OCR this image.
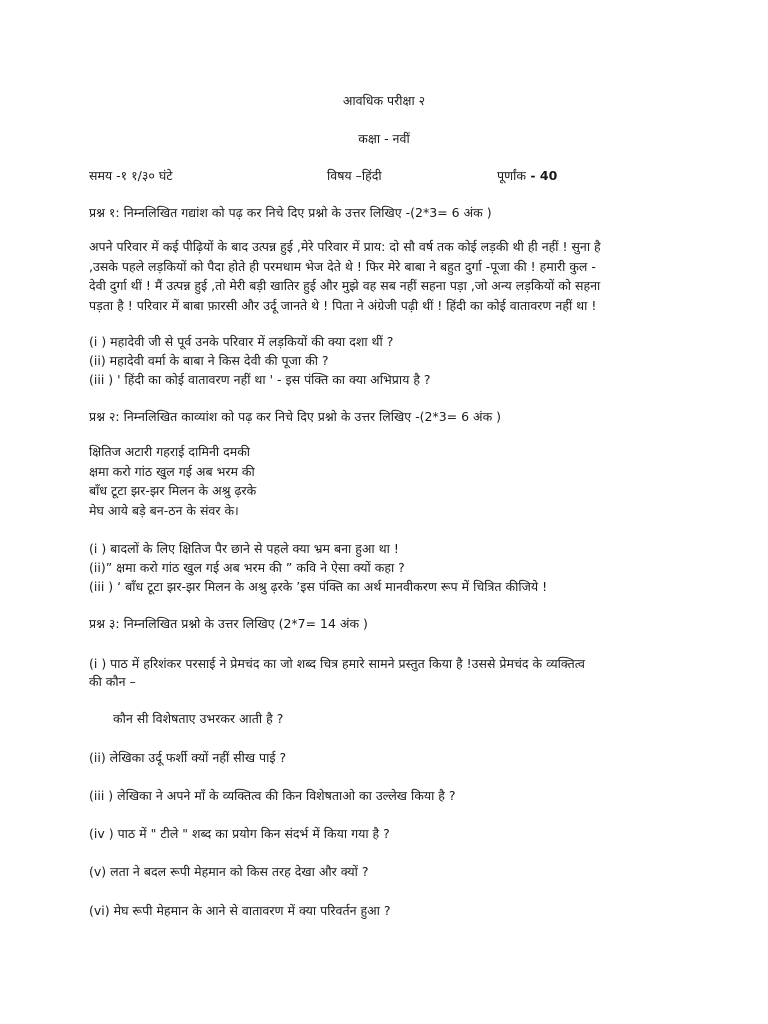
आवधिक परीक्षा २
कक्षा - नवीं
समय -१ १/३० घंटे	विषय –हिंदी	पूर्णांक - 40
प्रश्न १: निम्नलिखित गद्यांश को पढ़ कर निचे दिए प्रश्नो के उत्तर लिखिए -(2*3= 6 अंक )
अपने परिवार में कई पीढ़ियों के बाद उत्पन्न हुई ,मेरे परिवार में प्राय: दो सौ वर्ष तक कोई लड़की थी ही नहीं ! सुना है
,उसके पहले लड़कियों को पैदा होते ही परमधाम भेज देते थे ! फिर मेरे बाबा ने बहुत दुर्गा -पूजा की ! हमारी कुल -
देवी दुर्गा थीं ! मैं उत्पन्न हुई ,तो मेरी बड़ी खातिर हुई और मुझे वह सब नहीं सहना पड़ा ,जो अन्य लड़कियों को सहना
पड़ता है ! परिवार में बाबा फ़ारसी और उर्दू जानते थे ! पिता ने अंग्रेजी पढ़ी थीं ! हिंदी का कोई वातावरण नहीं था !
(i ) महादेवी जी से पूर्व उनके परिवार में लड़कियों की क्या दशा थीं ?
(ii) महादेवी वर्मा के बाबा ने किस देवी की पूजा की ?
(iii ) ' हिंदी का कोई वातावरण नहीं था ' - इस पंक्ति का क्या अभिप्राय है ?
प्रश्न २: निम्नलिखित काव्यांश को पढ़ कर निचे दिए प्रश्नो के उत्तर लिखिए -(2*3= 6 अंक )
क्षितिज अटारी गहराई दामिनी दमकी
क्षमा करो गांठ खुल गई अब भरम की
बाँध टूटा झर-झर मिलन के अश्रु ढ़रके
मेघ आये बड़े बन-ठन के संवर के।
(i ) बादलों के लिए क्षितिज पैर छाने से पहले क्या भ्रम बना हुआ था !
(ii)” क्षमा करो गांठ खुल गई अब भरम की ” कवि ने ऐसा क्यों कहा ?
(iii ) ‘ बाँध टूटा झर-झर मिलन के अश्रु ढ़रके ’इस पंक्ति का अर्थ मानवीकरण रूप में चित्रित कीजिये !
प्रश्न ३: निम्नलिखित प्रश्नो के उत्तर लिखिए (2*7= 14 अंक )
(i ) पाठ में हरिशंकर परसाई ने प्रेमचंद का जो शब्द चित्र हमारे सामने प्रस्तुत किया है !उससे प्रेमचंद के व्यक्तित्व
की कौन –
कौन सी विशेषताए उभरकर आती है ?
(ii) लेखिका उर्दू फर्शी क्यों नहीं सीख पाई ?
(iii ) लेखिका ने अपने माँ के व्यक्तित्व की किन विशेषताओ का उल्लेख किया है ?
(iv ) पाठ में " टीले " शब्द का प्रयोग किन संदर्भ में किया गया है ?
(v) लता ने बदल रूपी मेहमान को किस तरह देखा और क्यों ?
(vi) मेघ रूपी मेहमान के आने से वातावरण में क्या परिवर्तन हुआ ?
